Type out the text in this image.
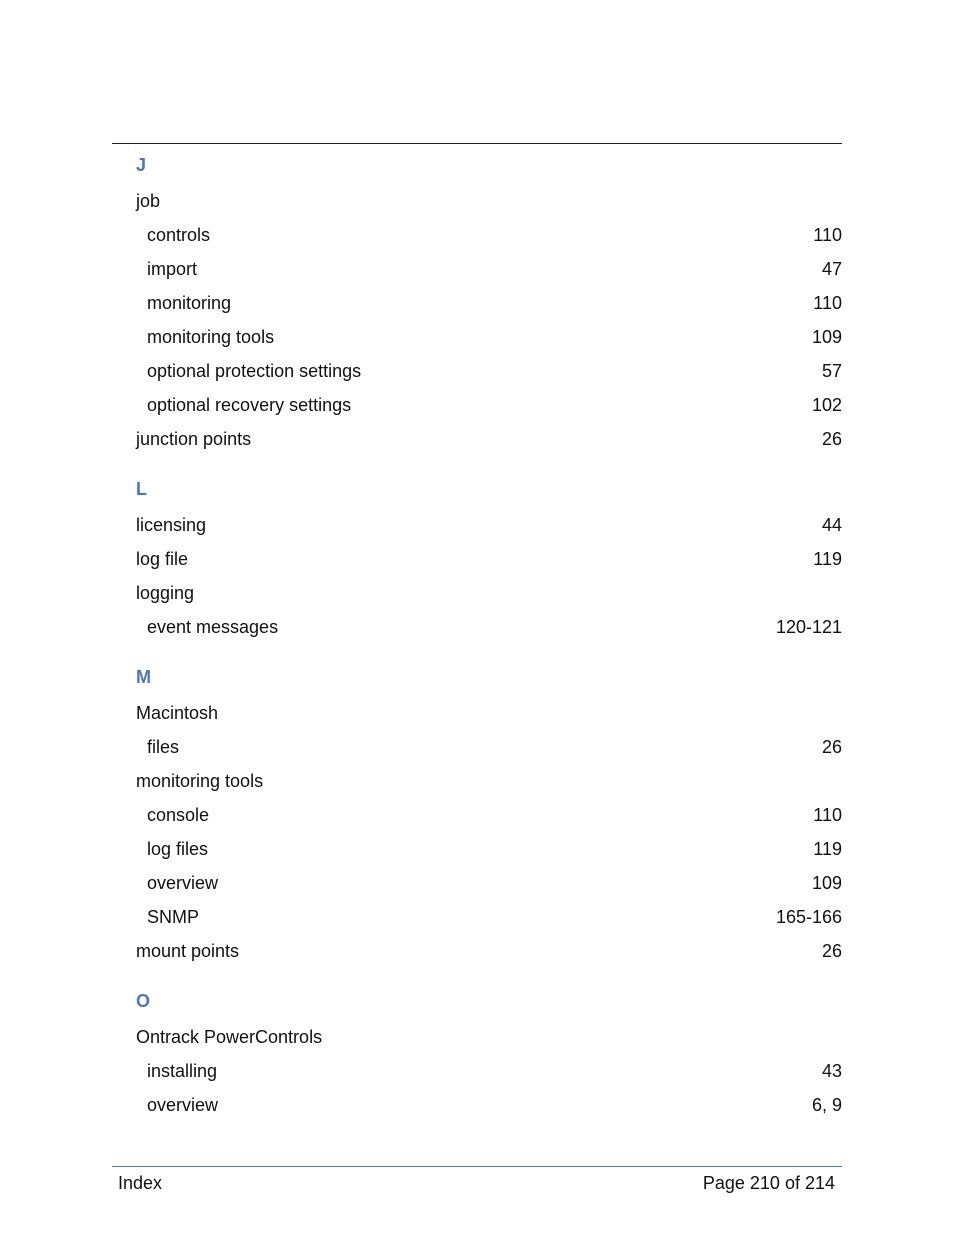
J
job
controls	110
import	47
monitoring	110
monitoring tools	109
optional protection settings	57
optional recovery settings	102
junction points	26
L
licensing	44
log file	119
logging
event messages	120-121
M
Macintosh
files	26
monitoring tools
console	110
log files	119
overview	109
SNMP	165-166
mount points	26
O
Ontrack PowerControls
installing	43
overview	6, 9
Index	Page 210 of 214
